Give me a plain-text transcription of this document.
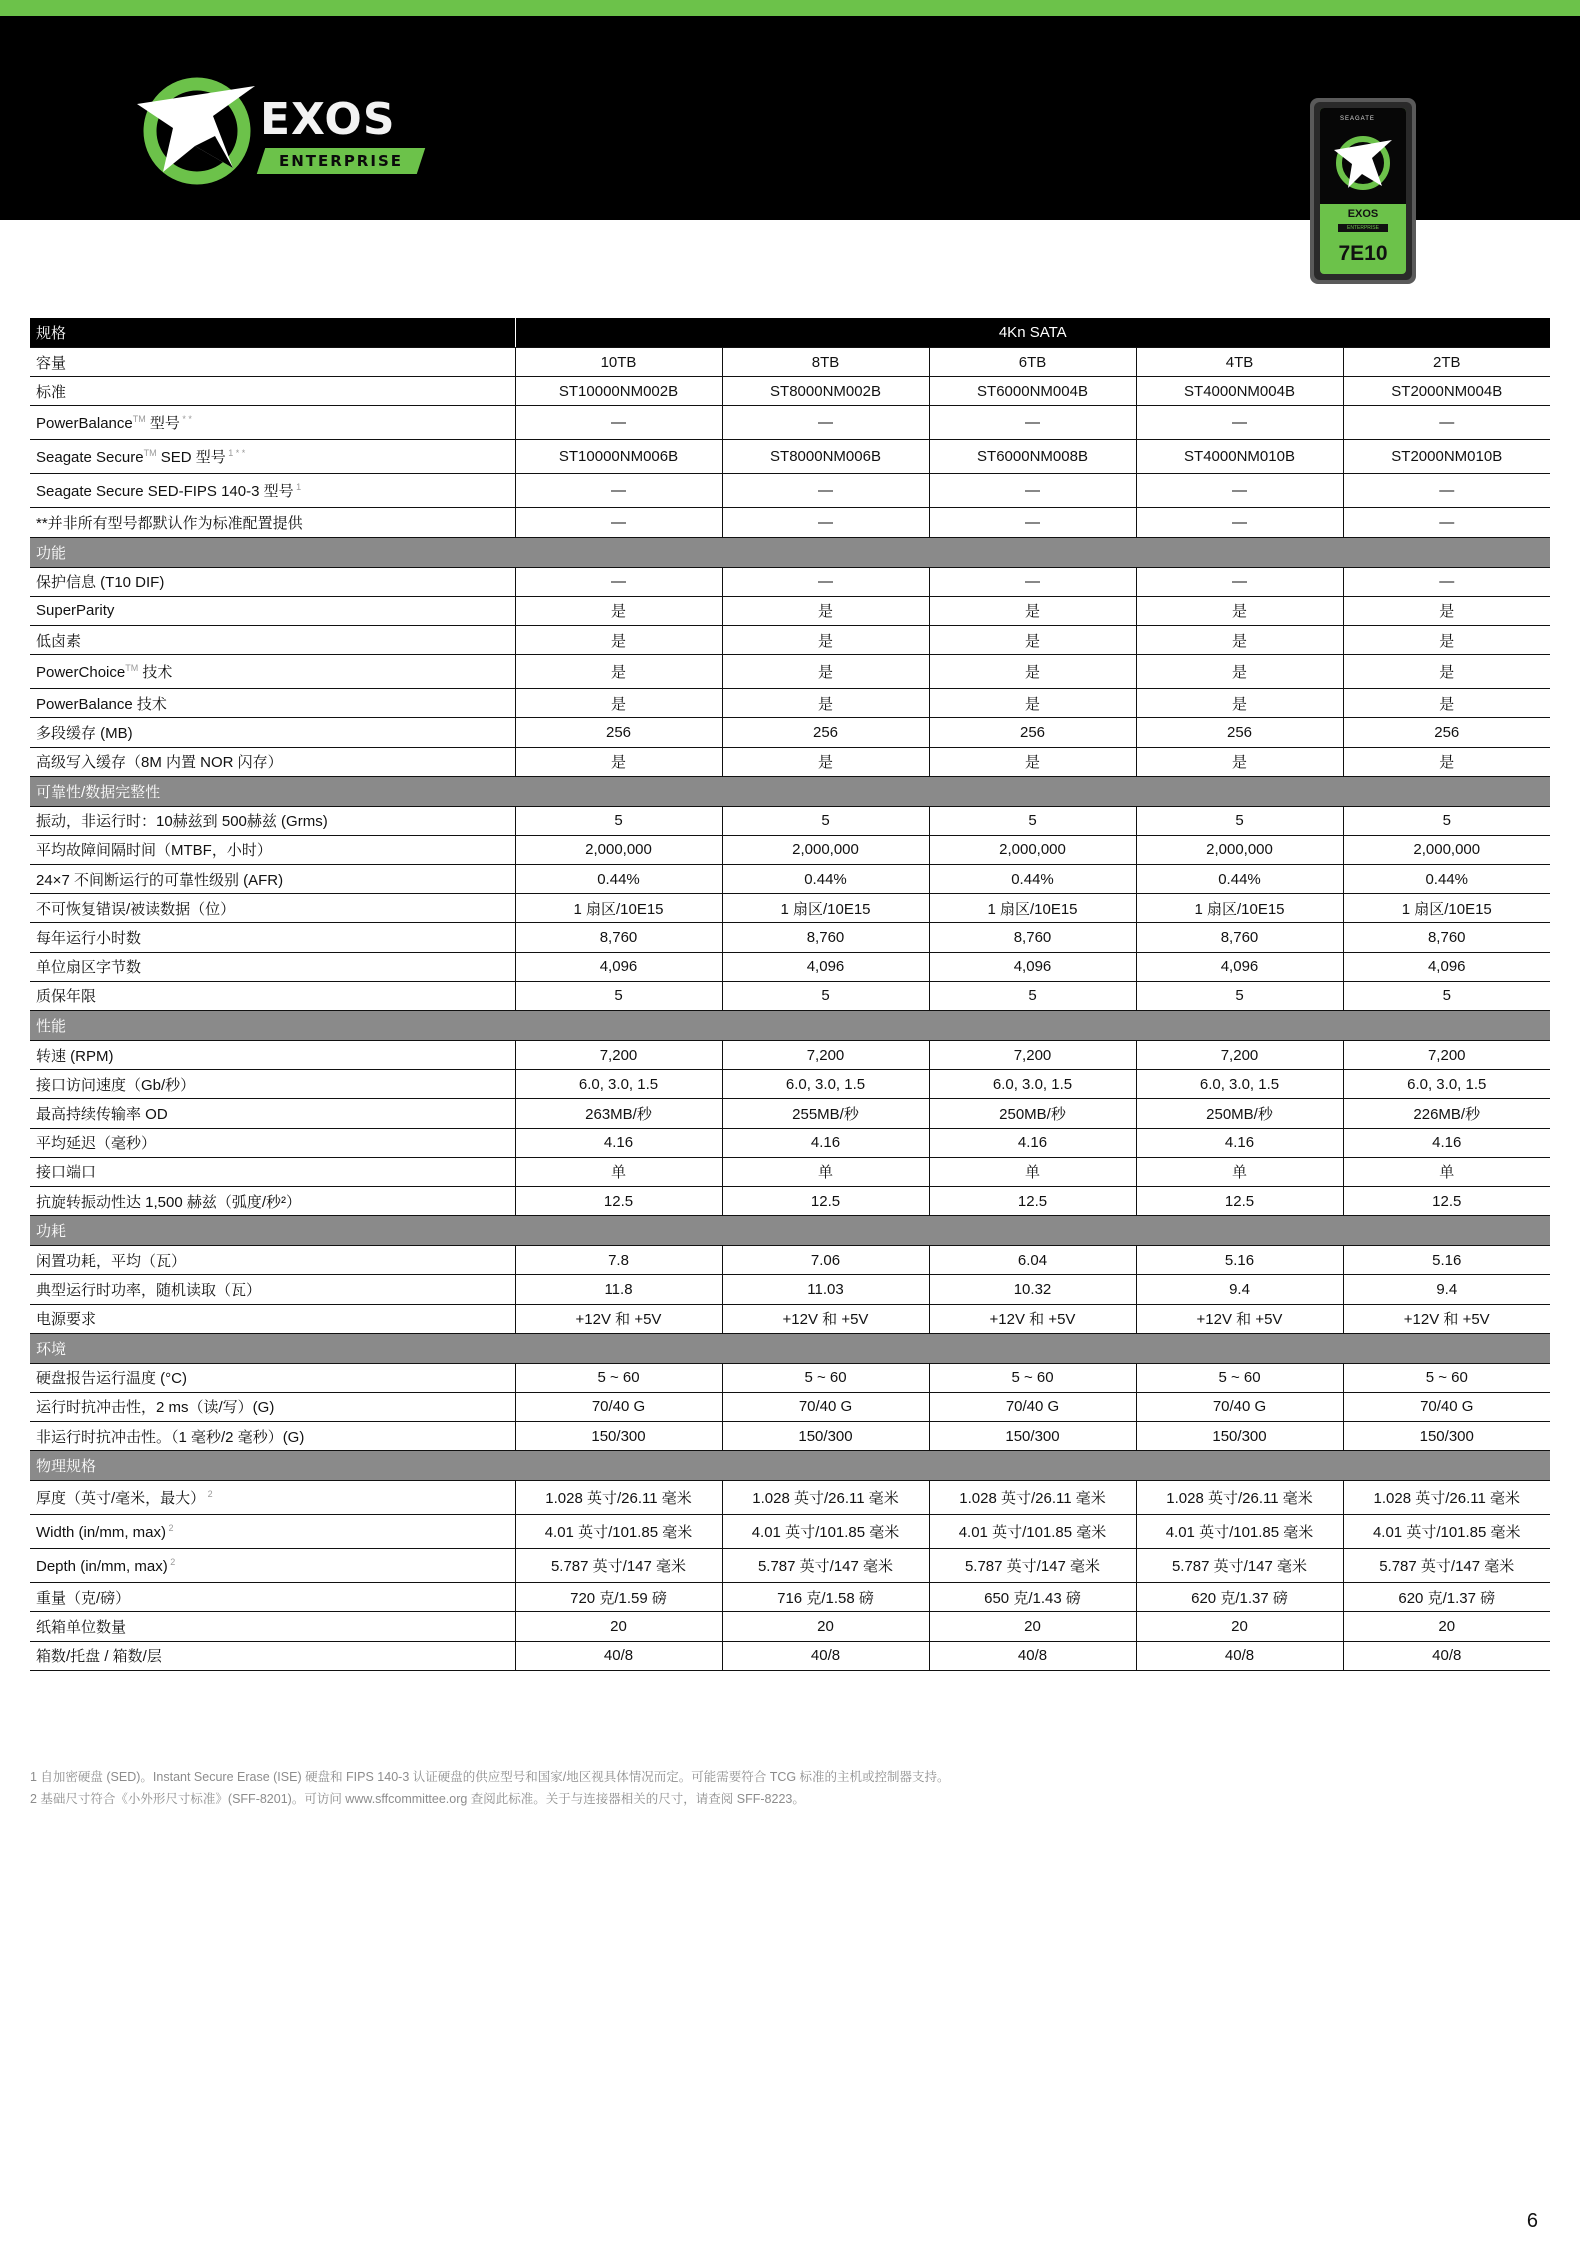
EXOS
ENTERPRISE
SEAGATE
EXOS
ENTERPRISE
7E10
规格	4Kn SATA				
容量	10TB	8TB	6TB	4TB	2TB
标准	ST10000NM002B	ST8000NM002B	ST6000NM004B	ST4000NM004B	ST2000NM004B
PowerBalance™ 型号 * *	—	—	—	—	—
Seagate Secure™ SED 型号 $^{1 * *}$	ST10000NM006B	ST8000NM006B	ST6000NM008B	ST4000NM010B	ST2000NM010B
Seagate Secure SED-FIPS 140-3 型号 $^1$	—	—	—	—	—
**并非所有型号都默认作为标准配置提供	—	—	—	—	—
功能					
保护信息 (T10 DIF)	—	—	—	—	—
SuperParity	是	是	是	是	是
低卤素	是	是	是	是	是
PowerChoice™ 技术	是	是	是	是	是
PowerBalance 技术	是	是	是	是	是
多段缓存 (MB)	256	256	256	256	256
高级写入缓存（8M 内置 NOR 闪存）	是	是	是	是	是
可靠性/数据完整性					
振动，非运行时：10赫兹到 500赫兹 (Grms)	5	5	5	5	5
平均故障间隔时间（MTBF，小时）	2,000,000	2,000,000	2,000,000	2,000,000	2,000,000
24×7 不间断运行的可靠性级别 (AFR)	0.44%	0.44%	0.44%	0.44%	0.44%
不可恢复错误/被读数据（位）	1 扇区/10E15	1 扇区/10E15	1 扇区/10E15	1 扇区/10E15	1 扇区/10E15
每年运行小时数	8,760	8,760	8,760	8,760	8,760
单位扇区字节数	4,096	4,096	4,096	4,096	4,096
质保年限	5	5	5	5	5
性能					
转速 (RPM)	7,200	7,200	7,200	7,200	7,200
接口访问速度（Gb/秒）	6.0, 3.0, 1.5	6.0, 3.0, 1.5	6.0, 3.0, 1.5	6.0, 3.0, 1.5	6.0, 3.0, 1.5
最高持续传输率 OD	263MB/秒	255MB/秒	250MB/秒	250MB/秒	226MB/秒
平均延迟（毫秒）	4.16	4.16	4.16	4.16	4.16
接口端口	单	单	单	单	单
抗旋转振动性达 1,500 赫兹（弧度/秒²）	12.5	12.5	12.5	12.5	12.5
功耗					
闲置功耗，平均（瓦）	7.8	7.06	6.04	5.16	5.16
典型运行时功率，随机读取（瓦）	11.8	11.03	10.32	9.4	9.4
电源要求	+12V 和 +5V	+12V 和 +5V	+12V 和 +5V	+12V 和 +5V	+12V 和 +5V
环境					
硬盘报告运行温度 (°C)	5 ~ 60	5 ~ 60	5 ~ 60	5 ~ 60	5 ~ 60
运行时抗冲击性，2 ms（读/写）(G)	70/40 G	70/40 G	70/40 G	70/40 G	70/40 G
非运行时抗冲击性。（1 毫秒/2 毫秒）(G)	150/300	150/300	150/300	150/300	150/300
物理规格					
厚度（英寸/毫米，最大） $^2$	1.028 英寸/26.11 毫米	1.028 英寸/26.11 毫米	1.028 英寸/26.11 毫米	1.028 英寸/26.11 毫米	1.028 英寸/26.11 毫米
Width (in/mm, max) $^2$	4.01 英寸/101.85 毫米	4.01 英寸/101.85 毫米	4.01 英寸/101.85 毫米	4.01 英寸/101.85 毫米	4.01 英寸/101.85 毫米
Depth (in/mm, max) $^2$	5.787 英寸/147 毫米	5.787 英寸/147 毫米	5.787 英寸/147 毫米	5.787 英寸/147 毫米	5.787 英寸/147 毫米
重量（克/磅）	720 克/1.59 磅	716 克/1.58 磅	650 克/1.43 磅	620 克/1.37 磅	620 克/1.37 磅
纸箱单位数量	20	20	20	20	20
箱数/托盘 / 箱数/层	40/8	40/8	40/8	40/8	40/8
1 自加密硬盘 (SED)。Instant Secure Erase (ISE) 硬盘和 FIPS 140-3 认证硬盘的供应型号和国家/地区视具体情况而定。可能需要符合 TCG 标准的主机或控制器支持。
2 基础尺寸符合《小外形尺寸标准》(SFF-8201)。可访问 www.sffcommittee.org 查阅此标准。关于与连接器相关的尺寸，请查阅 SFF-8223。
6
